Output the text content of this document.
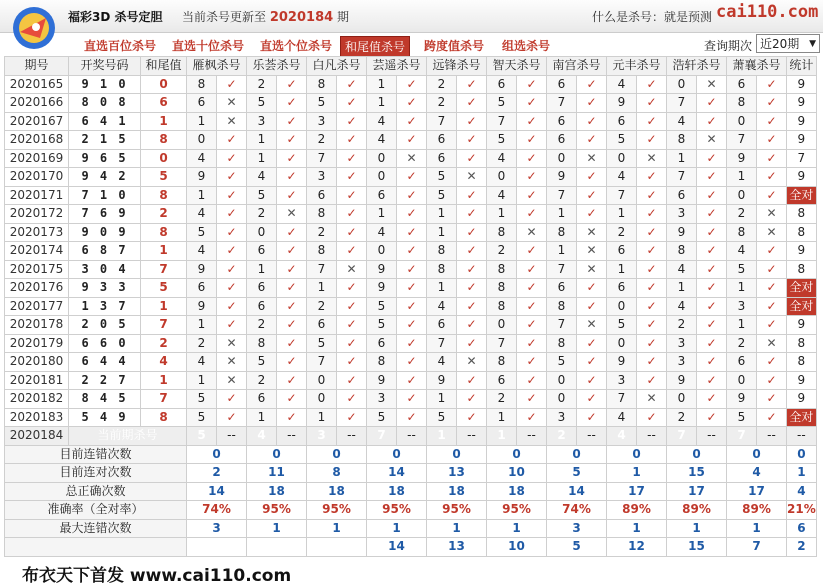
福彩3D 杀号定胆 当前杀号更新至 2020184 期	什么是杀号：就是预测 cai110.com
直选百位杀号	直选十位杀号	直选个位杀号	和尾值杀号	跨度值杀号	组选杀号	查询期次 近20期 ▼
期号	开奖号码	和尾值	雁枫杀号		乐荟杀号		白凡杀号		芸遥杀号		远锋杀号		智天杀号		南宫杀号		元丰杀号		浩轩杀号		萧襄杀号		统计
2020165	9 1 0	0	8	✓	2	✓	8	✓	1	✓	2	✓	6	✓	6	✓	4	✓	0	✕	6	✓	9
2020166	8 0 8	6	6	✕	5	✓	5	✓	1	✓	2	✓	5	✓	7	✓	9	✓	7	✓	8	✓	9
2020167	6 4 1	1	1	✕	3	✓	3	✓	4	✓	7	✓	7	✓	6	✓	6	✓	4	✓	0	✓	9
2020168	2 1 5	8	0	✓	1	✓	2	✓	4	✓	6	✓	5	✓	6	✓	5	✓	8	✕	7	✓	9
2020169	9 6 5	0	4	✓	1	✓	7	✓	0	✕	6	✓	4	✓	0	✕	0	✕	1	✓	9	✓	7
2020170	9 4 2	5	9	✓	4	✓	3	✓	0	✓	5	✕	0	✓	9	✓	4	✓	7	✓	1	✓	9
2020171	7 1 0	8	1	✓	5	✓	6	✓	6	✓	5	✓	4	✓	7	✓	7	✓	6	✓	0	✓	全对
2020172	7 6 9	2	4	✓	2	✕	8	✓	1	✓	1	✓	1	✓	1	✓	1	✓	3	✓	2	✕	8
2020173	9 0 9	8	5	✓	0	✓	2	✓	4	✓	1	✓	8	✕	8	✕	2	✓	9	✓	8	✕	8
2020174	6 8 7	1	4	✓	6	✓	8	✓	0	✓	8	✓	2	✓	1	✕	6	✓	8	✓	4	✓	9
2020175	3 0 4	7	9	✓	1	✓	7	✕	9	✓	8	✓	8	✓	7	✕	1	✓	4	✓	5	✓	8
2020176	9 3 3	5	6	✓	6	✓	1	✓	9	✓	1	✓	8	✓	6	✓	6	✓	1	✓	1	✓	全对
2020177	1 3 7	1	9	✓	6	✓	2	✓	5	✓	4	✓	8	✓	8	✓	0	✓	4	✓	3	✓	全对
2020178	2 0 5	7	1	✓	2	✓	6	✓	5	✓	6	✓	0	✓	7	✕	5	✓	2	✓	1	✓	9
2020179	6 6 0	2	2	✕	8	✓	5	✓	6	✓	7	✓	7	✓	8	✓	0	✓	3	✓	2	✕	8
2020180	6 4 4	4	4	✕	5	✓	7	✓	8	✓	4	✕	8	✓	5	✓	9	✓	3	✓	6	✓	8
2020181	2 2 7	1	1	✕	2	✓	0	✓	9	✓	9	✓	6	✓	0	✓	3	✓	9	✓	0	✓	9
2020182	8 4 5	7	5	✓	6	✓	0	✓	3	✓	1	✓	2	✓	0	✓	7	✕	0	✓	9	✓	9
2020183	5 4 9	8	5	✓	1	✓	1	✓	5	✓	5	✓	1	✓	3	✓	4	✓	2	✓	5	✓	全对
2020184	当前期杀号		5	--	4	--	3	--	7	--	1	--	1	--	2	--	4	--	7	--	7	--	--
目前连错次数			0		0		0		0		0		0		0		0		0		0		0
目前连对次数			2		11		8		14		13		10		5		1		15		4		1
总正确次数			14		18		18		18		18		18		14		17		17		17		4
准确率（全对率）			74%		95%		95%		95%		95%		95%		74%		89%		89%		89%		21%
最大连错次数			3		1		1		1		1		1		3		1		1		1		6
									14		13		10		5		12		15		7		2
布衣天下首发 www.cai110.com
